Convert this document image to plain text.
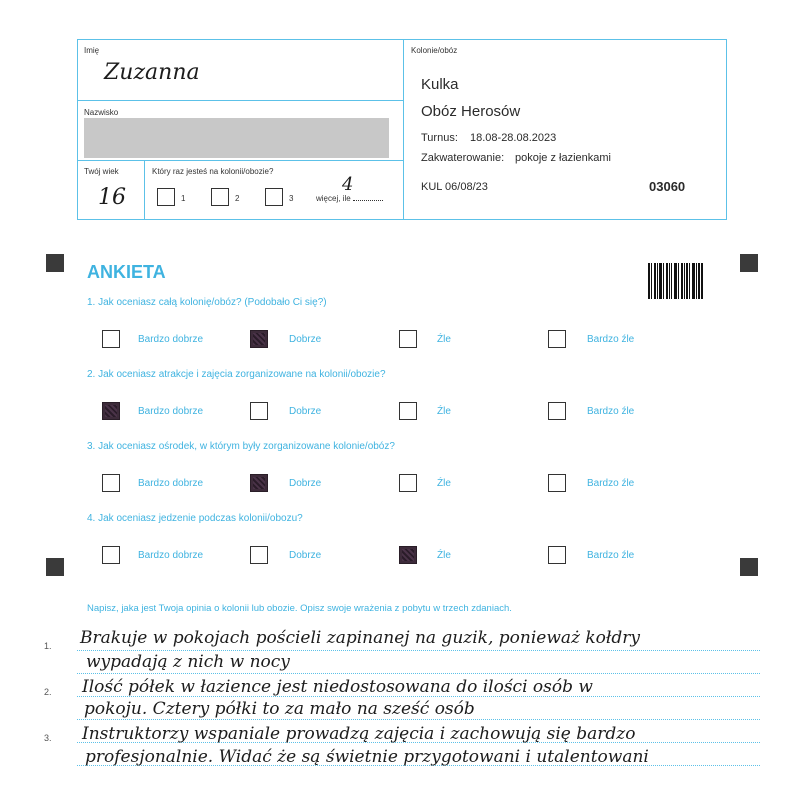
Imię
Zuzanna
Nazwisko
Twój wiek
16
Który raz jesteś na kolonii/obozie?
1	2	3	więcej, ile
4
Kolonie/obóz
Kulka
Obóz Herosów
Turnus: 18.08-28.08.2023
Zakwaterowanie: pokoje z łazienkami
KUL 06/08/23	03060
ANKIETA
1. Jak oceniasz całą kolonię/obóz? (Podobało Ci się?)
Bardzo dobrze	Dobrze	Źle	Bardzo źle
2. Jak oceniasz atrakcje i zajęcia zorganizowane na kolonii/obozie?
Bardzo dobrze	Dobrze	Źle	Bardzo źle
3. Jak oceniasz ośrodek, w którym były zorganizowane kolonie/obóz?
Bardzo dobrze	Dobrze	Źle	Bardzo źle
4. Jak oceniasz jedzenie podczas kolonii/obozu?
Bardzo dobrze	Dobrze	Źle	Bardzo źle
Napisz, jaka jest Twoja opinia o kolonii lub obozie. Opisz swoje wrażenia z pobytu w trzech zdaniach.
1.
2.
3.
Brakuje w pokojach pościeli zapinanej na guzik, ponieważ kołdry
wypadają z nich w nocy
Ilość półek w łazience jest niedostosowana do ilości osób w
pokoju. Cztery półki to za mało na sześć osób
Instruktorzy wspaniale prowadzą zajęcia i zachowują się bardzo
profesjonalnie. Widać że są świetnie przygotowani i utalentowani
